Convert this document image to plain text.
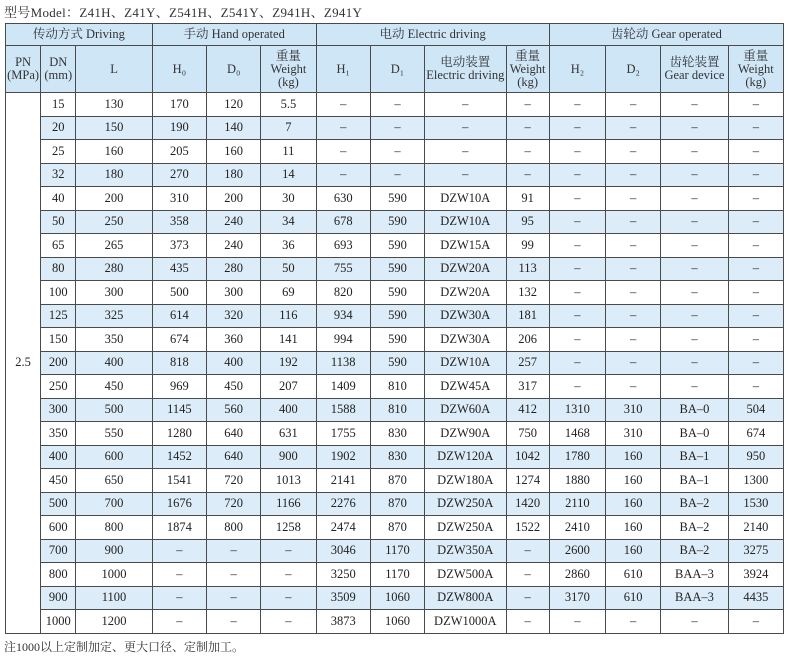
型号Model：Z41H、Z41Y、Z541H、Z541Y、Z941H、Z941Y
传动方式 Driving			手动 Hand operated			电动 Electric driving				齿轮动 Gear operated			
PN (MPa)	DN (mm)	L	H₀	D₀	重量 Weight (kg)	H₁	D₁	电动装置 Electric driving	重量 Weight (kg)	H₂	D₂	齿轮装置 Gear device	重量 Weight (kg)
2.5	15	130	170	120	5.5	–	–	–	–	–	–	–	–
	20	150	190	140	7	–	–	–	–	–	–	–	–
	25	160	205	160	11	–	–	–	–	–	–	–	–
	32	180	270	180	14	–	–	–	–	–	–	–	–
	40	200	310	200	30	630	590	DZW10A	91	–	–	–	–
	50	250	358	240	34	678	590	DZW10A	95	–	–	–	–
	65	265	373	240	36	693	590	DZW15A	99	–	–	–	–
	80	280	435	280	50	755	590	DZW20A	113	–	–	–	–
	100	300	500	300	69	820	590	DZW20A	132	–	–	–	–
	125	325	614	320	116	934	590	DZW30A	181	–	–	–	–
	150	350	674	360	141	994	590	DZW30A	206	–	–	–	–
	200	400	818	400	192	1138	590	DZW10A	257	–	–	–	–
	250	450	969	450	207	1409	810	DZW45A	317	–	–	–	–
	300	500	1145	560	400	1588	810	DZW60A	412	1310	310	BA–0	504
	350	550	1280	640	631	1755	830	DZW90A	750	1468	310	BA–0	674
	400	600	1452	640	900	1902	830	DZW120A	1042	1780	160	BA–1	950
	450	650	1541	720	1013	2141	870	DZW180A	1274	1880	160	BA–1	1300
	500	700	1676	720	1166	2276	870	DZW250A	1420	2110	160	BA–2	1530
	600	800	1874	800	1258	2474	870	DZW250A	1522	2410	160	BA–2	2140
	700	900	–	–	–	3046	1170	DZW350A	–	2600	160	BA–2	3275
	800	1000	–	–	–	3250	1170	DZW500A	–	2860	610	BAA–3	3924
	900	1100	–	–	–	3509	1060	DZW800A	–	3170	610	BAA–3	4435
	1000	1200	–	–	–	3873	1060	DZW1000A	–	–	–	–	–
注1000以上定制加定、更大口径、定制加工。
